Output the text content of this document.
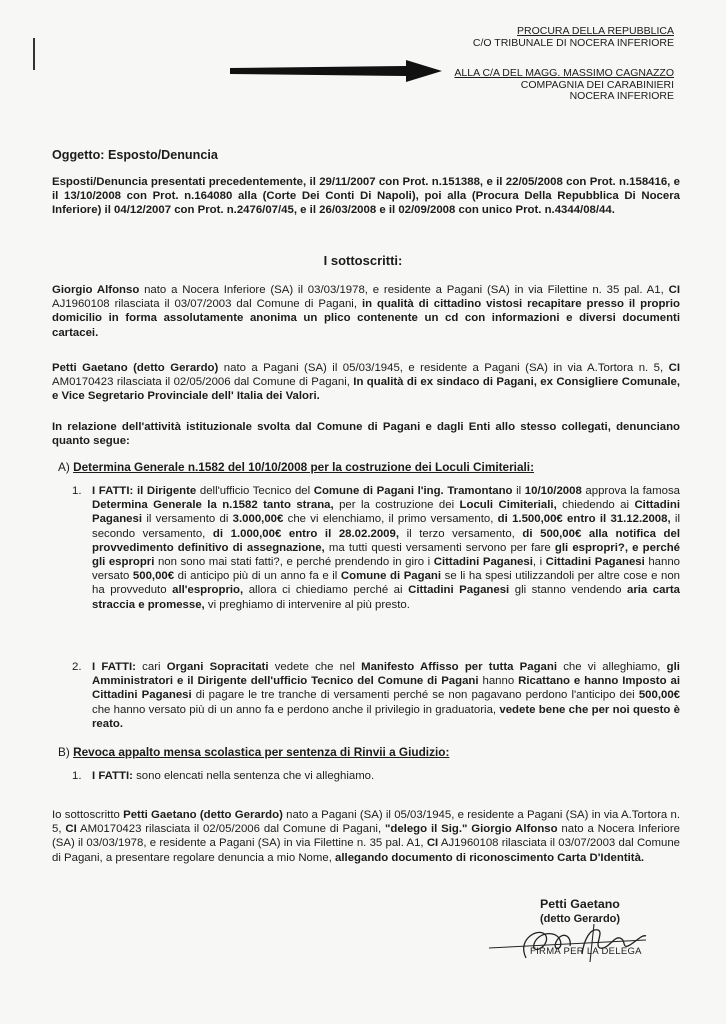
PROCURA DELLA REPUBBLICA
C/O TRIBUNALE DI NOCERA INFERIORE
ALLA C/A DEL MAGG. MASSIMO CAGNAZZO
COMPAGNIA DEI CARABINIERI
NOCERA INFERIORE
Oggetto: Esposto/Denuncia
Esposti/Denuncia presentati precedentemente, il 29/11/2007 con Prot. n.151388, e il 22/05/2008 con Prot. n.158416, e il 13/10/2008 con Prot. n.164080 alla (Corte Dei Conti Di Napoli), poi alla (Procura Della Repubblica Di Nocera Inferiore) il 04/12/2007 con Prot. n.2476/07/45, e il 26/03/2008 e il 02/09/2008 con unico Prot. n.4344/08/44.
I sottoscritti:
Giorgio Alfonso nato a Nocera Inferiore (SA) il 03/03/1978, e residente a Pagani (SA) in via Filettine n. 35 pal. A1, CI AJ1960108 rilasciata il 03/07/2003 dal Comune di Pagani, in qualità di cittadino vistosi recapitare presso il proprio domicilio in forma assolutamente anonima un plico contenente un cd con informazioni e diversi documenti cartacei.
Petti Gaetano (detto Gerardo) nato a Pagani (SA) il 05/03/1945, e residente a Pagani (SA) in via A.Tortora n. 5, CI AM0170423 rilasciata il 02/05/2006 dal Comune di Pagani, In qualità di ex sindaco di Pagani, ex Consigliere Comunale, e Vice Segretario Provinciale dell' Italia dei Valori.
In relazione dell'attività istituzionale svolta dal Comune di Pagani e dagli Enti allo stesso collegati, denunciano quanto segue:
A) Determina Generale n.1582 del 10/10/2008 per la costruzione dei Loculi Cimiteriali:
1. I FATTI: il Dirigente dell'ufficio Tecnico del Comune di Pagani l'ing. Tramontano il 10/10/2008 approva la famosa Determina Generale la n.1582 tanto strana, per la costruzione dei Loculi Cimiteriali, chiedendo ai Cittadini Paganesi il versamento di 3.000,00€ che vi elenchiamo, il primo versamento, di 1.500,00€ entro il 31.12.2008, il secondo versamento, di 1.000,00€ entro il 28.02.2009, il terzo versamento, di 500,00€ alla notifica del provvedimento definitivo di assegnazione, ma tutti questi versamenti servono per fare gli espropri?, e perché gli espropri non sono mai stati fatti?, e perché prendendo in giro i Cittadini Paganesi, i Cittadini Paganesi hanno versato 500,00€ di anticipo più di un anno fa e il Comune di Pagani se li ha spesi utilizzandoli per altre cose e non ha provveduto all'esproprio, allora ci chiediamo perché ai Cittadini Paganesi gli stanno vendendo aria carta straccia e promesse, vi preghiamo di intervenire al più presto.
2. I FATTI: cari Organi Sopracitati vedete che nel Manifesto Affisso per tutta Pagani che vi alleghiamo, gli Amministratori e il Dirigente dell'ufficio Tecnico del Comune di Pagani hanno Ricattano e hanno Imposto ai Cittadini Paganesi di pagare le tre tranche di versamenti perché se non pagavano perdono l'anticipo dei 500,00€ che hanno versato più di un anno fa e perdono anche il privilegio in graduatoria, vedete bene che per noi questo è reato.
B) Revoca appalto mensa scolastica per sentenza di Rinvii a Giudizio:
1. I FATTI: sono elencati nella sentenza che vi alleghiamo.
Io sottoscritto Petti Gaetano (detto Gerardo) nato a Pagani (SA) il 05/03/1945, e residente a Pagani (SA) in via A.Tortora n. 5, CI AM0170423 rilasciata il 02/05/2006 dal Comune di Pagani, "delego il Sig." Giorgio Alfonso nato a Nocera Inferiore (SA) il 03/03/1978, e residente a Pagani (SA) in via Filettine n. 35 pal. A1, CI AJ1960108 rilasciata il 03/07/2003 dal Comune di Pagani, a presentare regolare denuncia a mio Nome, allegando documento di riconoscimento Carta D'Identità.
Petti Gaetano
(detto Gerardo)
FIRMA PER LA DELEGA
